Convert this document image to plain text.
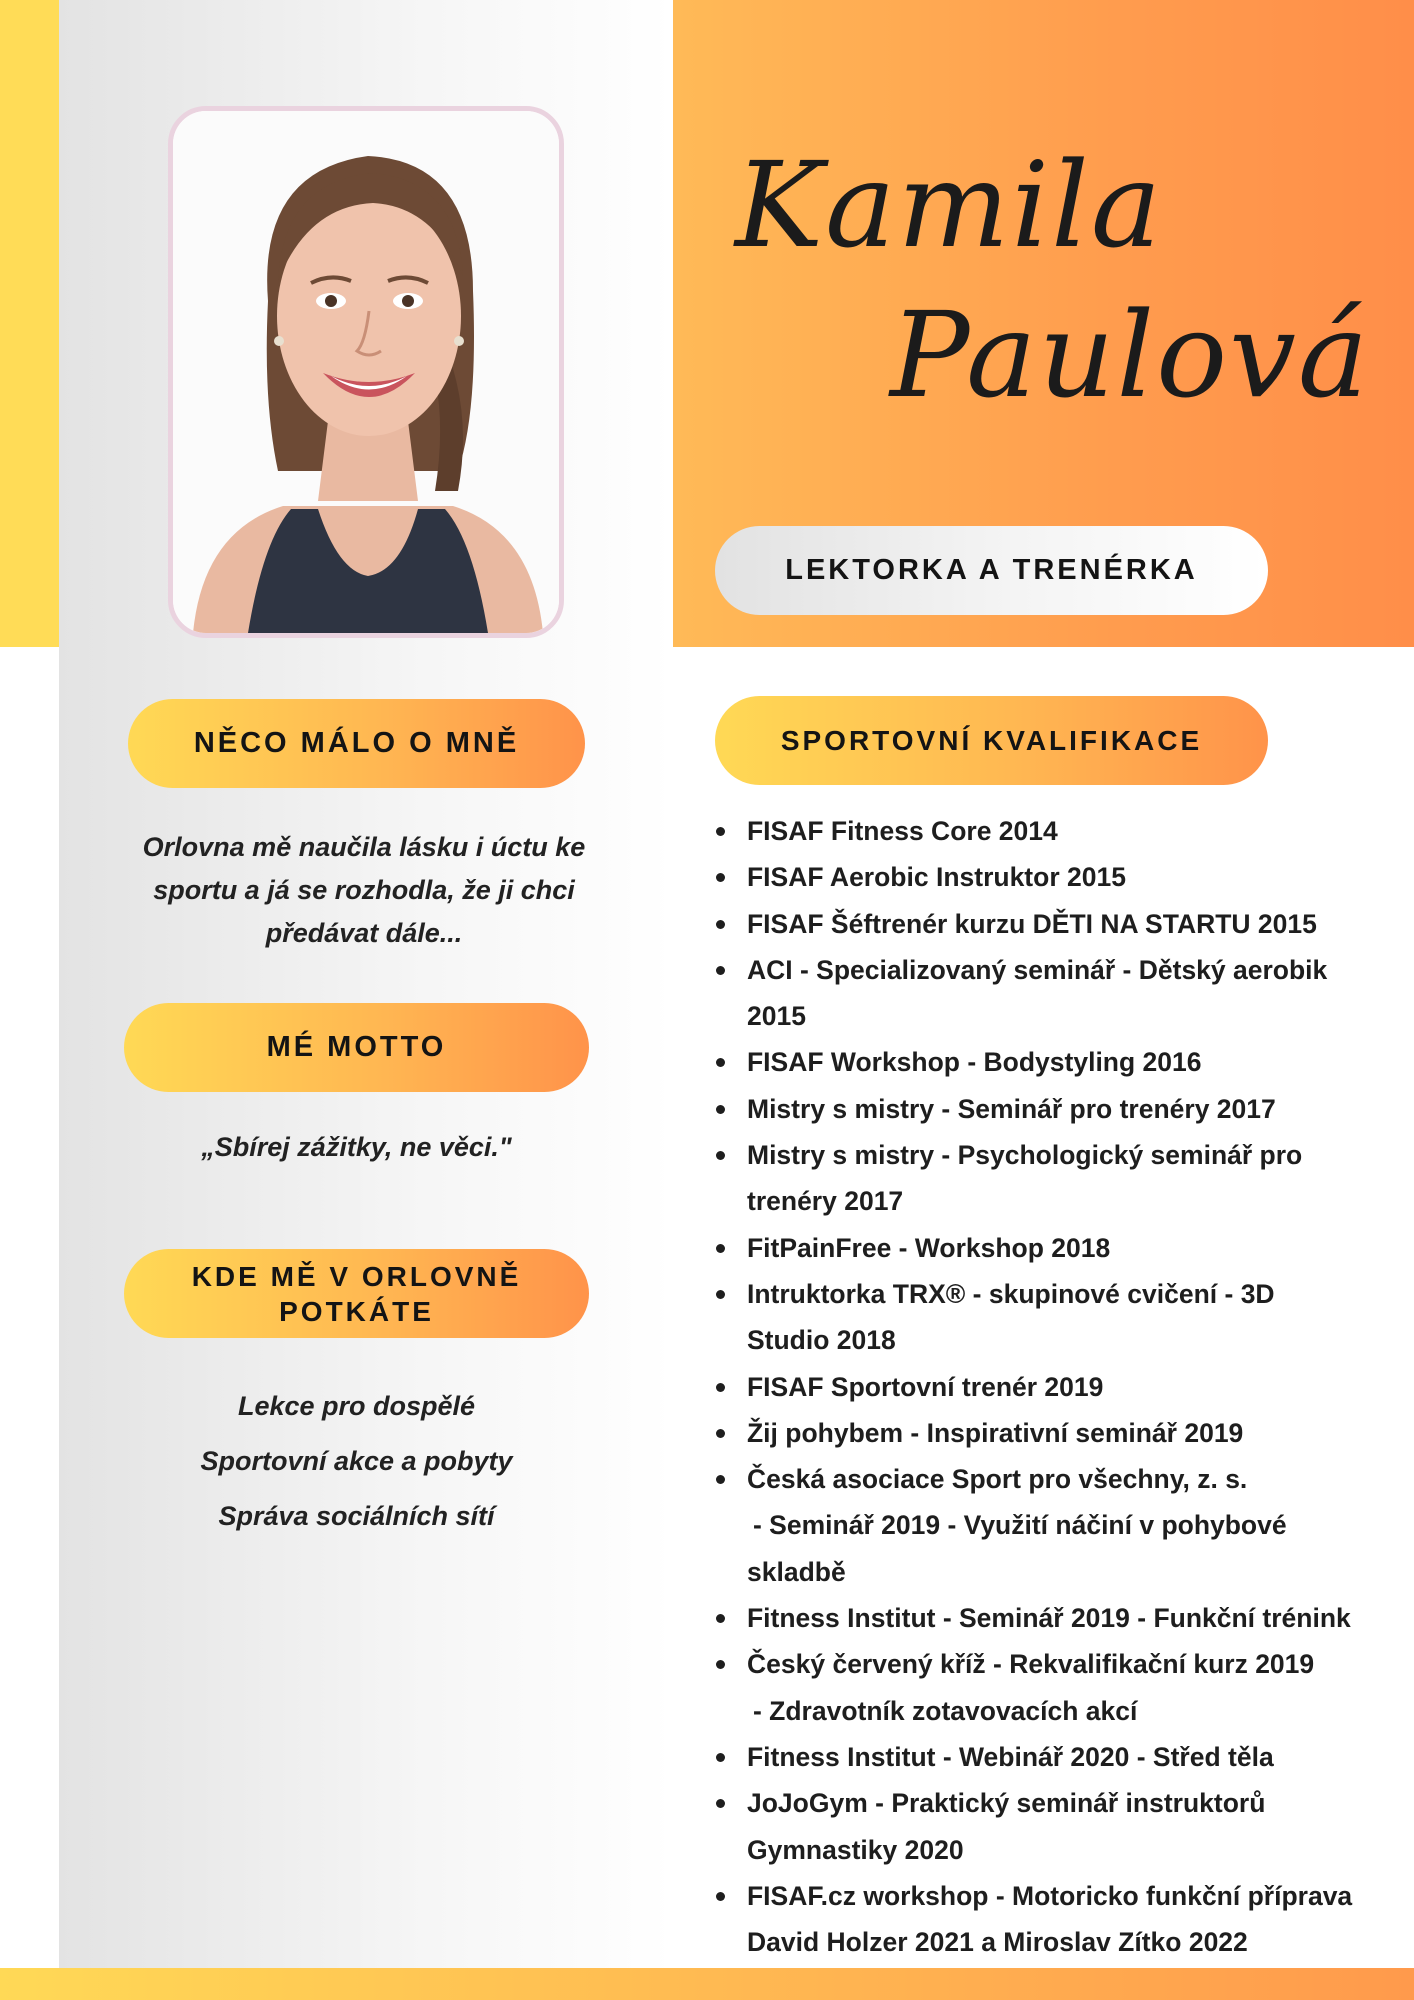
Kamila
Paulová
LEKTORKA A TRENÉRKA
NĚCO MÁLO O MNĚ
Orlovna mě naučila lásku i úctu ke sportu a já se rozhodla, že ji chci předávat dále...
MÉ MOTTO
„Sbírej zážitky, ne věci."
KDE MĚ V ORLOVNĚ POTKÁTE
Lekce pro dospělé
Sportovní akce a pobyty
Správa sociálních sítí
SPORTOVNÍ KVALIFIKACE
FISAF Fitness Core 2014
FISAF Aerobic Instruktor 2015
FISAF Šéftrenér kurzu DĚTI NA STARTU 2015
ACI - Specializovaný seminář - Dětský aerobik
2015
FISAF Workshop - Bodystyling 2016
Mistry s mistry - Seminář pro trenéry 2017
Mistry s mistry - Psychologický seminář pro
trenéry 2017
FitPainFree - Workshop 2018
Intruktorka TRX® - skupinové cvičení - 3D
Studio 2018
FISAF Sportovní trenér 2019
Žij pohybem - Inspirativní seminář 2019
Česká asociace Sport pro všechny, z. s.
- Seminář 2019 - Využití náčiní v pohybové
skladbě
Fitness Institut - Seminář 2019 - Funkční trénink
Český červený kříž - Rekvalifikační kurz 2019
- Zdravotník zotavovacích akcí
Fitness Institut - Webinář 2020 - Střed těla
JoJoGym - Praktický seminář instruktorů
Gymnastiky 2020
FISAF.cz workshop - Motoricko funkční příprava
David Holzer 2021 a Miroslav Zítko 2022
